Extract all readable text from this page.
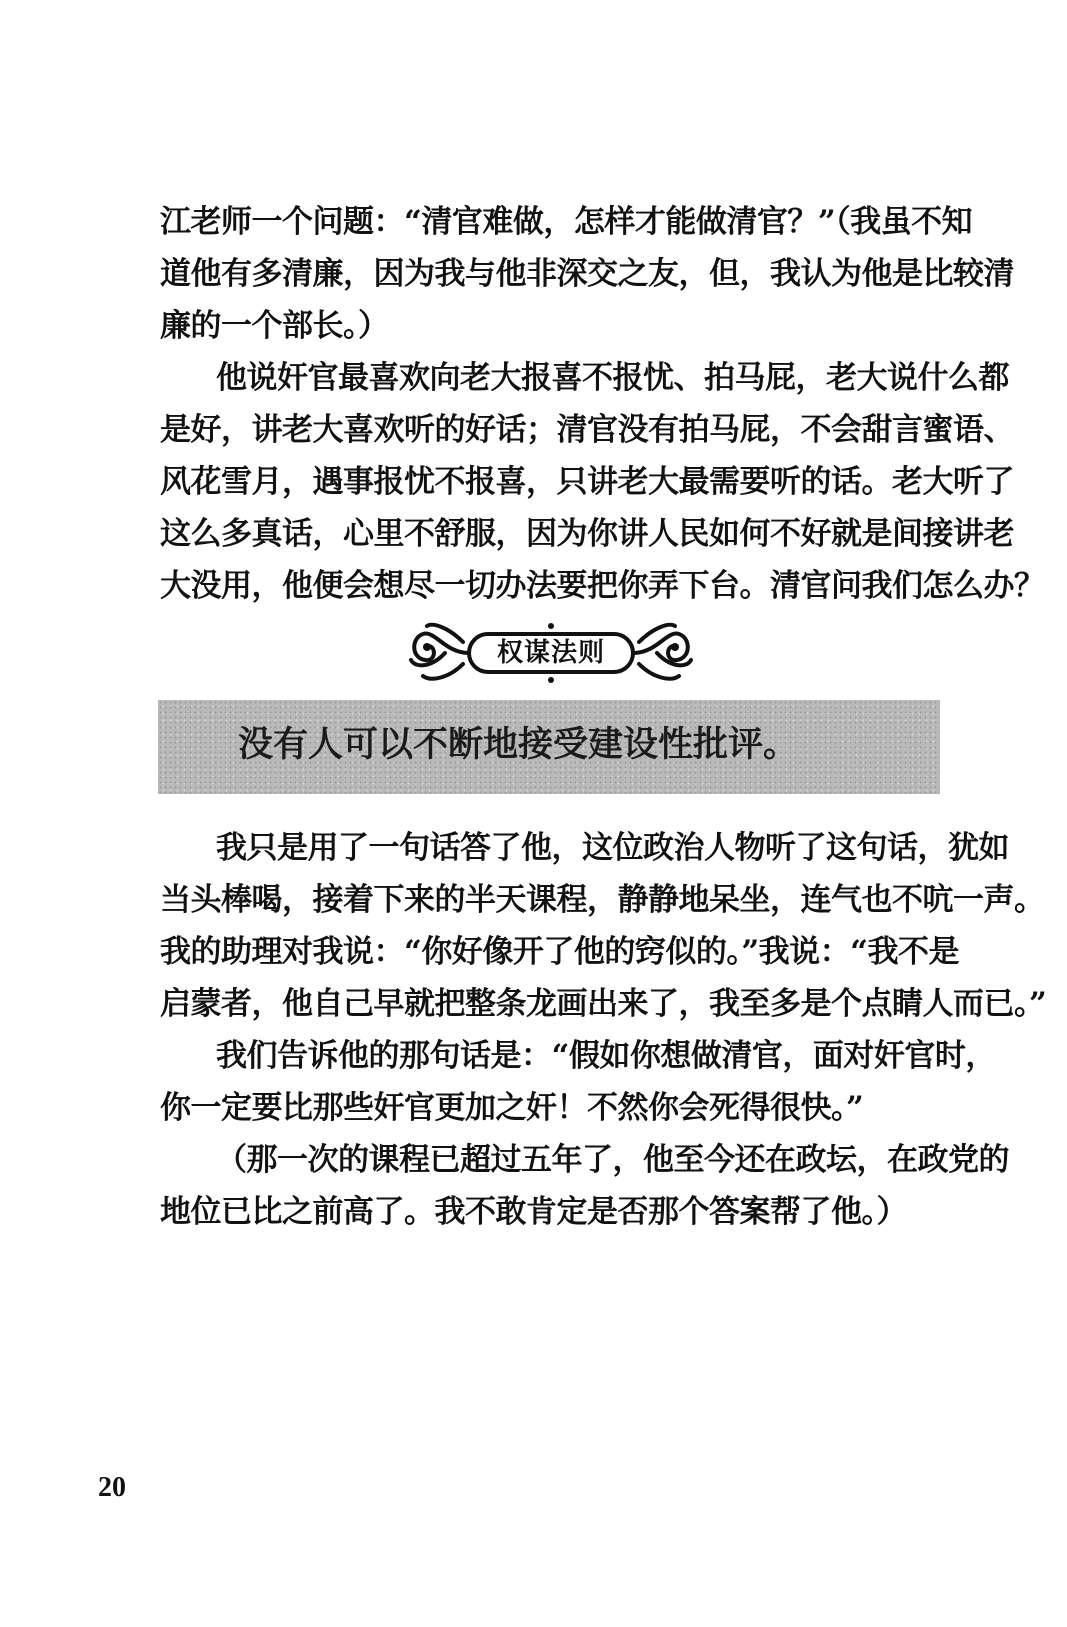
江老师一个问题：“清官难做，怎样才能做清官？”（我虽不知
道他有多清廉，因为我与他非深交之友，但，我认为他是比较清
廉的一个部长。）
他说奸官最喜欢向老大报喜不报忧、拍马屁，老大说什么都
是好，讲老大喜欢听的好话；清官没有拍马屁，不会甜言蜜语、
风花雪月，遇事报忧不报喜，只讲老大最需要听的话。老大听了
这么多真话，心里不舒服，因为你讲人民如何不好就是间接讲老
大没用，他便会想尽一切办法要把你弄下台。清官问我们怎么办？
权谋法则
没有人可以不断地接受建设性批评。
我只是用了一句话答了他，这位政治人物听了这句话，犹如
当头棒喝，接着下来的半天课程，静静地呆坐，连气也不吭一声。
我的助理对我说：“你好像开了他的窍似的。”我说：“我不是
启蒙者，他自己早就把整条龙画出来了，我至多是个点睛人而已。”
我们告诉他的那句话是：“假如你想做清官，面对奸官时，
你一定要比那些奸官更加之奸！不然你会死得很快。”
（那一次的课程已超过五年了，他至今还在政坛，在政党的
地位已比之前高了。我不敢肯定是否那个答案帮了他。）
20
